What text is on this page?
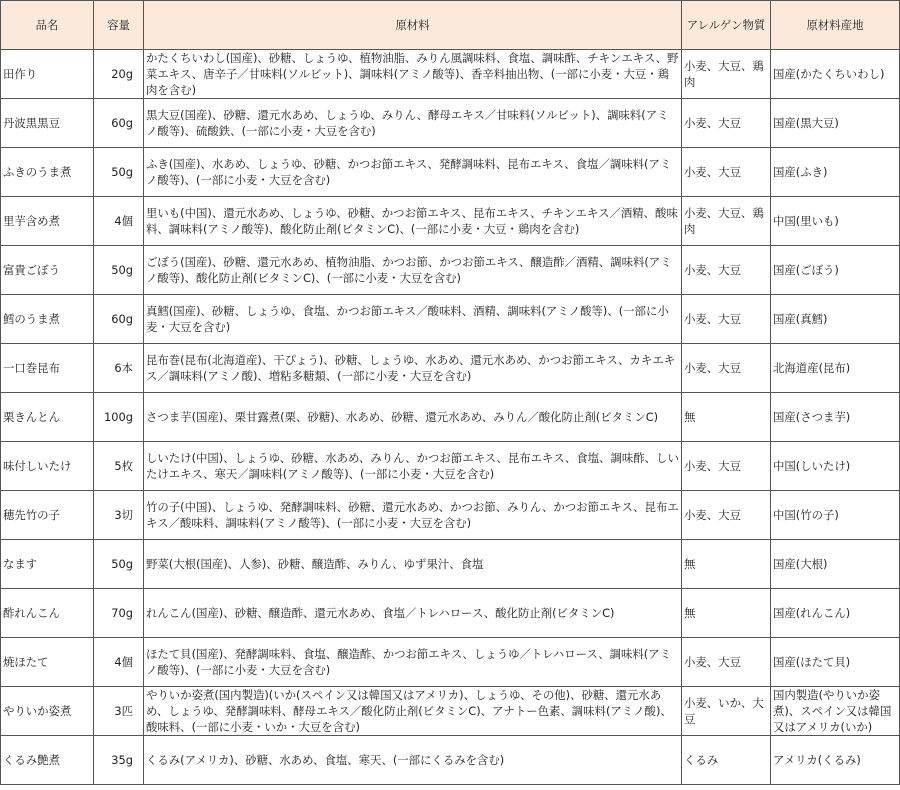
品名	容量	原材料	アレルゲン物質	原材料産地
田作り	20g	かたくちいわし(国産)、砂糖、しょうゆ、植物油脂、みりん風調味料、食塩、調味酢、チキンエキス、野菜エキス、唐辛子／甘味料(ソルビット)、調味料(アミノ酸等)、香辛料抽出物、(一部に小麦・大豆・鶏肉を含む)	小麦、大豆、鶏肉	国産(かたくちいわし)
丹波黒黒豆	60g	黒大豆(国産)、砂糖、還元水あめ、しょうゆ、みりん、酵母エキス／甘味料(ソルビット)、調味料(アミノ酸等)、硫酸鉄、(一部に小麦・大豆を含む)	小麦、大豆	国産(黒大豆)
ふきのうま煮	50g	ふき(国産)、水あめ、しょうゆ、砂糖、かつお節エキス、発酵調味料、昆布エキス、食塩／調味料(アミノ酸等)、(一部に小麦・大豆を含む)	小麦、大豆	国産(ふき)
里芋含め煮	4個	里いも(中国)、還元水あめ、しょうゆ、砂糖、かつお節エキス、昆布エキス、チキンエキス／酒精、酸味料、調味料(アミノ酸等)、酸化防止剤(ビタミンC)、(一部に小麦・大豆・鶏肉を含む)	小麦、大豆、鶏肉	中国(里いも)
富貴ごぼう	50g	ごぼう(国産)、砂糖、還元水あめ、植物油脂、かつお節、かつお節エキス、醸造酢／酒精、調味料(アミノ酸等)、酸化防止剤(ビタミンC)、(一部に小麦・大豆を含む)	小麦、大豆	国産(ごぼう)
鱈のうま煮	60g	真鱈(国産)、砂糖、しょうゆ、食塩、かつお節エキス／酸味料、酒精、調味料(アミノ酸等)、(一部に小麦・大豆を含む)	小麦、大豆	国産(真鱈)
一口巻昆布	6本	昆布巻(昆布(北海道産)、干ぴょう)、砂糖、しょうゆ、水あめ、還元水あめ、かつお節エキス、カキエキス／調味料(アミノ酸)、増粘多糖類、(一部に小麦・大豆を含む)	小麦、大豆	北海道産(昆布)
栗きんとん	100g	さつま芋(国産)、栗甘露煮(栗、砂糖)、水あめ、砂糖、還元水あめ、みりん／酸化防止剤(ビタミンC)	無	国産(さつま芋)
味付しいたけ	5枚	しいたけ(中国)、しょうゆ、砂糖、水あめ、みりん、かつお節エキス、昆布エキス、食塩、調味酢、しいたけエキス、寒天／調味料(アミノ酸等)、(一部に小麦・大豆を含む)	小麦、大豆	中国(しいたけ)
穂先竹の子	3切	竹の子(中国)、しょうゆ、発酵調味料、砂糖、還元水あめ、かつお節、みりん、かつお節エキス、昆布エキス／酸味料、調味料(アミノ酸等)、(一部に小麦・大豆を含む)	小麦、大豆	中国(竹の子)
なます	50g	野菜(大根(国産)、人参)、砂糖、醸造酢、みりん、ゆず果汁、食塩	無	国産(大根)
酢れんこん	70g	れんこん(国産)、砂糖、醸造酢、還元水あめ、食塩／トレハロース、酸化防止剤(ビタミンC)	無	国産(れんこん)
焼ほたて	4個	ほたて貝(国産)、発酵調味料、食塩、醸造酢、かつお節エキス、しょうゆ／トレハロース、調味料(アミノ酸等)、(一部に小麦・大豆を含む)	小麦、大豆	国産(ほたて貝)
やりいか姿煮	3匹	やりいか姿煮(国内製造)(いか(スペイン又は韓国又はアメリカ)、しょうゆ、その他)、砂糖、還元水あめ、しょうゆ、発酵調味料、酵母エキス／酸化防止剤(ビタミンC)、アナトー色素、調味料(アミノ酸)、酸味料、(一部に小麦・いか・大豆を含む)	小麦、いか、大豆	国内製造(やりいか姿煮)、スペイン又は韓国又はアメリカ(いか)
くるみ艶煮	35g	くるみ(アメリカ)、砂糖、水あめ、食塩、寒天、(一部にくるみを含む)	くるみ	アメリカ(くるみ)
